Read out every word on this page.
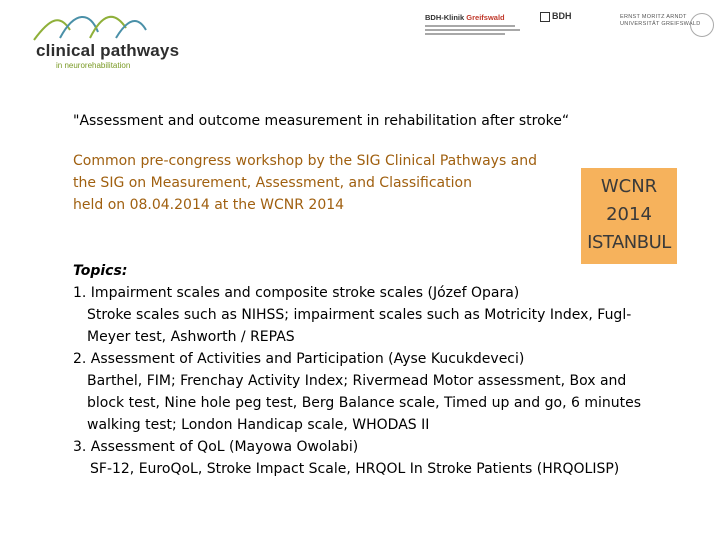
clinical pathways
in neurorehabilitation
BDH-Klinik Greifswald	BDH	ERNST MORITZ ARNDT
UNIVERSITÄT GREIFSWALD
"Assessment and outcome measurement in rehabilitation after stroke“
Common pre-congress workshop by the SIG Clinical Pathways and
the SIG on Measurement, Assessment, and Classification
held on 08.04.2014 at the WCNR 2014
WCNR
2014
ISTANBUL
Topics:
1. Impairment scales and composite stroke scales (Józef Opara)
Stroke scales such as NIHSS; impairment scales such as Motricity Index, Fugl-
Meyer test, Ashworth / REPAS
2. Assessment of Activities and Participation (Ayse Kucukdeveci)
Barthel, FIM; Frenchay Activity Index; Rivermead Motor assessment, Box and
block test, Nine hole peg test, Berg Balance scale, Timed up and go, 6 minutes
walking test; London Handicap scale, WHODAS II
3. Assessment of QoL (Mayowa Owolabi)
SF-12, EuroQoL, Stroke Impact Scale, HRQOL In Stroke Patients (HRQOLISP)
